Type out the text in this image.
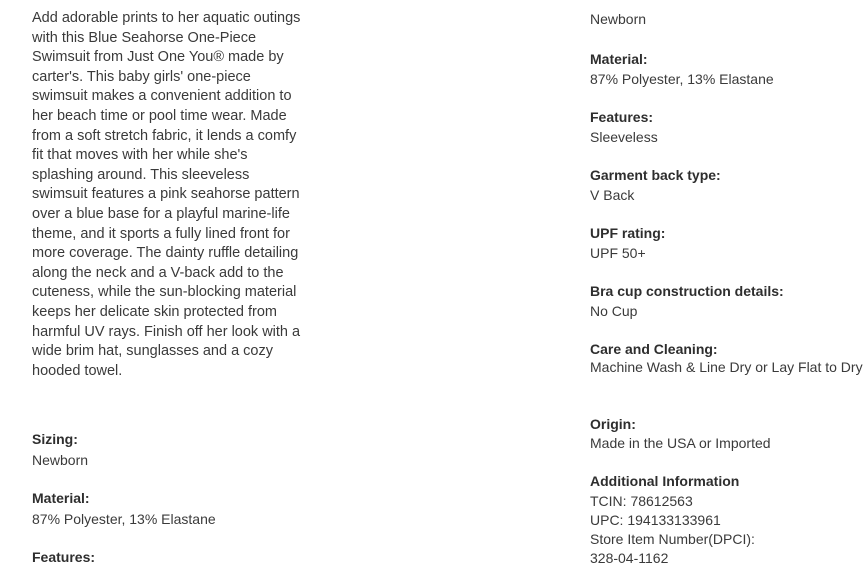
Add adorable prints to her aquatic outings with this Blue Seahorse One-Piece Swimsuit from Just One You® made by carter's. This baby girls' one-piece swimsuit makes a convenient addition to her beach time or pool time wear. Made from a soft stretch fabric, it lends a comfy fit that moves with her while she's splashing around. This sleeveless swimsuit features a pink seahorse pattern over a blue base for a playful marine-life theme, and it sports a fully lined front for more coverage. The dainty ruffle detailing along the neck and a V-back add to the cuteness, while the sun-blocking material keeps her delicate skin protected from harmful UV rays. Finish off her look with a wide brim hat, sunglasses and a cozy hooded towel.

Sizing:
Newborn
Material:
87% Polyester, 13% Elastane
Features:
Newborn
Material:
87% Polyester, 13% Elastane
Features:
Sleeveless
Garment back type:
V Back
UPF rating:
UPF 50+
Bra cup construction details:
No Cup
Care and Cleaning:
Machine Wash & Line Dry or Lay Flat to Dry
Origin:
Made in the USA or Imported
Additional Information
TCIN: 78612563
UPC: 194133133961
Store Item Number(DPCI):
328-04-1162
